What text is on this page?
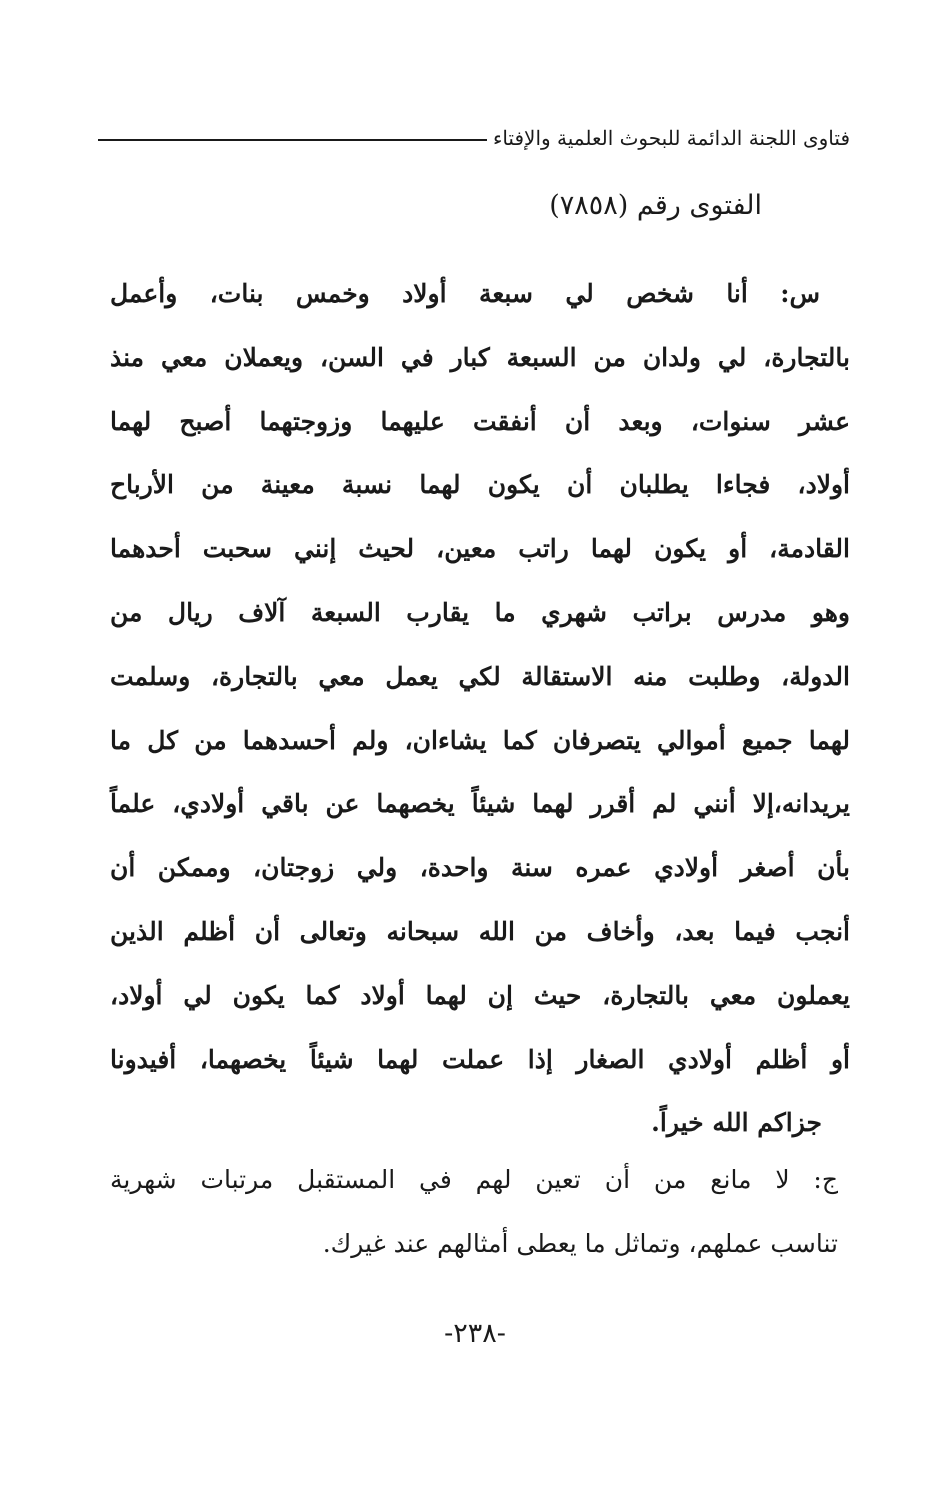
فتاوى اللجنة الدائمة للبحوث العلمية والإفتاء
الفتوى رقم (٧٨٥٨)
س: أنا شخص لي سبعة أولاد وخمس بنات، وأعمل
بالتجارة، لي ولدان من السبعة كبار في السن، ويعملان معي منذ
عشر سنوات، وبعد أن أنفقت عليهما وزوجتهما أصبح لهما
أولاد، فجاءا يطلبان أن يكون لهما نسبة معينة من الأرباح
القادمة، أو يكون لهما راتب معين، لحيث إنني سحبت أحدهما
وهو مدرس براتب شهري ما يقارب السبعة آلاف ريال من
الدولة، وطلبت منه الاستقالة لكي يعمل معي بالتجارة، وسلمت
لهما جميع أموالي يتصرفان كما يشاءان، ولم أحسدهما من كل ما
يريدانه،إلا أنني لم أقرر لهما شيئاً يخصهما عن باقي أولادي، علماً
بأن أصغر أولادي عمره سنة واحدة، ولي زوجتان، وممكن أن
أنجب فيما بعد، وأخاف من الله سبحانه وتعالى أن أظلم الذين
يعملون معي بالتجارة، حيث إن لهما أولاد كما يكون لي أولاد،
أو أظلم أولادي الصغار إذا عملت لهما شيئاً يخصهما، أفيدونا
جزاكم الله خيراً.
ج: لا مانع من أن تعين لهم في المستقبل مرتبات شهرية
تناسب عملهم، وتماثل ما يعطى أمثالهم عند غيرك.
-٢٣٨-
